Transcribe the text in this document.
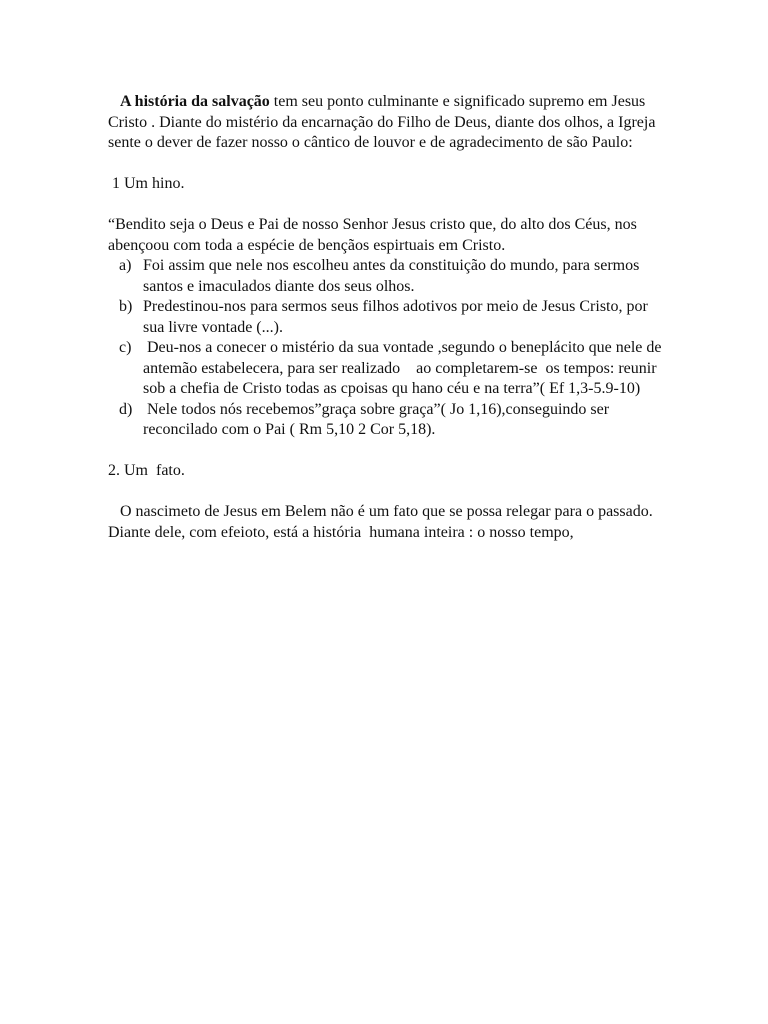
A história da salvação tem seu ponto culminante e significado supremo em Jesus Cristo . Diante do mistério da encarnação do Filho de Deus, diante dos olhos, a Igreja sente o dever de fazer nosso o cântico de louvor e de agradecimento de são Paulo:

1 Um hino.

“Bendito seja o Deus e Pai de nosso Senhor Jesus cristo que, do alto dos Céus, nos abençoou com toda a espécie de bençãos espirtuais em Cristo.

a) Foi assim que nele nos escolheu antes da constituição do mundo, para sermos santos e imaculados diante dos seus olhos.
b) Predestinou-nos para sermos seus filhos adotivos por meio de Jesus Cristo, por sua livre vontade (...).
c) Deu-nos a conecer o mistério da sua vontade ,segundo o beneplácito que nele de antemão estabelecera, para ser realizado    ao completarem-se  os tempos: reunir sob a chefia de Cristo todas as cpoisas qu hano céu e na terra”( Ef 1,3-5.9-10)
d) Nele todos nós recebemos”graça sobre graça”( Jo 1,16),conseguindo ser reconcilado com o Pai ( Rm 5,10 2 Cor 5,18).

2. Um  fato.

O nascimeto de Jesus em Belem não é um fato que se possa relegar para o passado. Diante dele, com efeioto, está a história  humana inteira : o nosso tempo,
